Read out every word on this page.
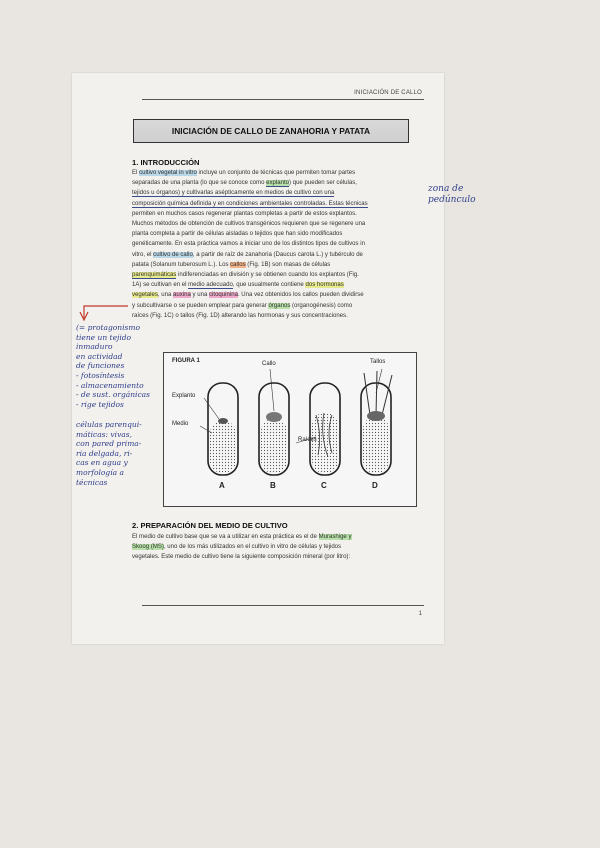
INICIACIÓN DE CALLO
INICIACIÓN DE CALLO DE ZANAHORIA Y PATATA
1. INTRODUCCIÓN
El cultivo vegetal in vitro incluye un conjunto de técnicas que permiten tomar partes
separadas de una planta (lo que se conoce como explanto) que pueden ser células,
tejidos u órganos) y cultivarlas asépticamente en medios de cultivo con una
composición química definida y en condiciones ambientales controladas. Estas técnicas
permiten en muchos casos regenerar plantas completas a partir de estos explantos.
Muchos métodos de obtención de cultivos transgénicos requieren que se regenere una
planta completa a partir de células aisladas o tejidos que han sido modificados
genéticamente. En esta práctica vamos a iniciar uno de los distintos tipos de cultivos in
vitro, el cultivo de callo, a partir de raíz de zanahoria (Daucus carota L.) y tubérculo de
patata (Solanum tuberosum L.). Los callos (Fig. 1B) son masas de células
parenquimáticas indiferenciadas en división y se obtienen cuando los explantos (Fig.
1A) se cultivan en el medio adecuado, que usualmente contiene dos hormonas
vegetales, una auxina y una citoquinina. Una vez obtenidos los callos pueden dividirse
y subcultivarse o se pueden emplear para generar órganos (organogénesis) como
raíces (Fig. 1C) o tallos (Fig. 1D) alterando las hormonas y sus concentraciones.
FIGURA 1	Callo	Tallos
Explanto
Medio
Raíces
A	B	C	D
2. PREPARACIÓN DEL MEDIO DE CULTIVO
El medio de cultivo base que se va a utilizar en esta práctica es el de Murashige y
Skoog (MS), uno de los más utilizados en el cultivo in vitro de células y tejidos
vegetales. Este medio de cultivo tiene la siguiente composición mineral (por litro):
1
zona de
pedúnculo
(= protagonismo
tiene un tejido
inmaduro
en actividad
de funciones
- fotosíntesis
- almacenamiento
- de sust. orgánicas
- rige tejidos
células parenqui-
máticas: vivas,
con pared prima-
ria delgada, ri-
cas en agua y
morfología a
técnicas
